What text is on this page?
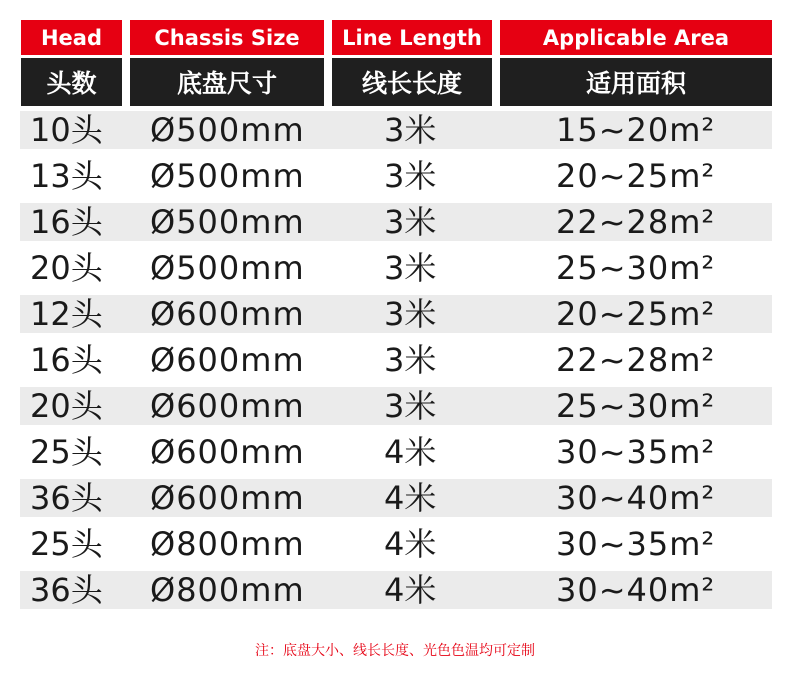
Head	Chassis Size	Line Length	Applicable Area
头数	底盘尺寸	线长长度	适用面积
10头 Ø500mm 3米	15~20m²
13头 Ø500mm 3米	20~25m²
16头 Ø500mm 3米	22~28m²
20头 Ø500mm 3米	25~30m²
12头 Ø600mm 3米	20~25m²
16头 Ø600mm 3米	22~28m²
20头 Ø600mm 3米	25~30m²
25头 Ø600mm 4米	30~35m²
36头 Ø600mm 4米	30~40m²
25头 Ø800mm 4米	30~35m²
36头 Ø800mm 4米	30~40m²
注：底盘大小、线长长度、光色色温均可定制
